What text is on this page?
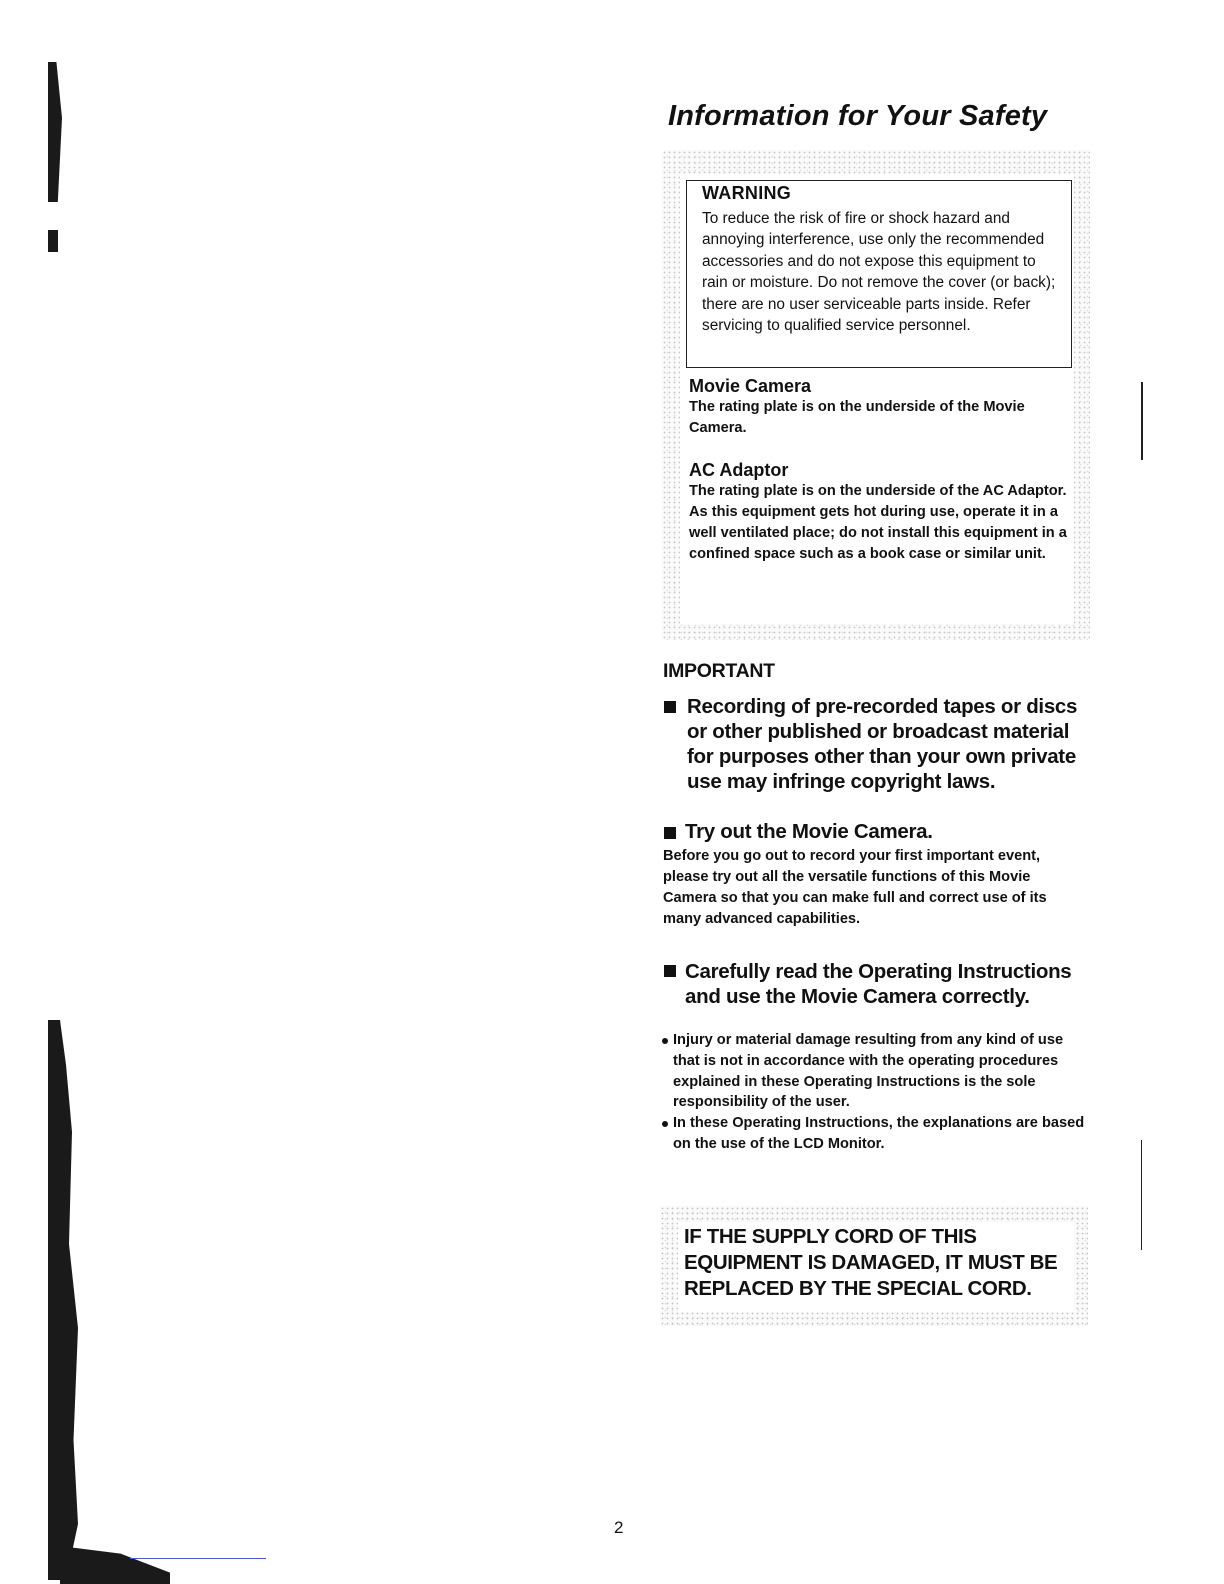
Information for Your Safety

WARNING

To reduce the risk of fire or shock hazard and annoying interference, use only the recommended accessories and do not expose this equipment to rain or moisture. Do not remove the cover (or back); there are no user serviceable parts inside. Refer servicing to qualified service personnel.

Movie Camera

The rating plate is on the underside of the Movie Camera.

AC Adaptor

The rating plate is on the underside of the AC Adaptor.

As this equipment gets hot during use, operate it in a well ventilated place; do not install this equipment in a confined space such as a book case or similar unit.

IMPORTANT

Recording of pre-recorded tapes or discs or other published or broadcast material for purposes other than your own private use may infringe copyright laws.

Try out the Movie Camera.

Before you go out to record your first important event, please try out all the versatile functions of this Movie Camera so that you can make full and correct use of its many advanced capabilities.

Carefully read the Operating Instructions and use the Movie Camera correctly.

Injury or material damage resulting from any kind of use that is not in accordance with the operating procedures explained in these Operating Instructions is the sole responsibility of the user.
In these Operating Instructions, the explanations are based on the use of the LCD Monitor.

IF THE SUPPLY CORD OF THIS EQUIPMENT IS DAMAGED, IT MUST BE REPLACED BY THE SPECIAL CORD.

2
